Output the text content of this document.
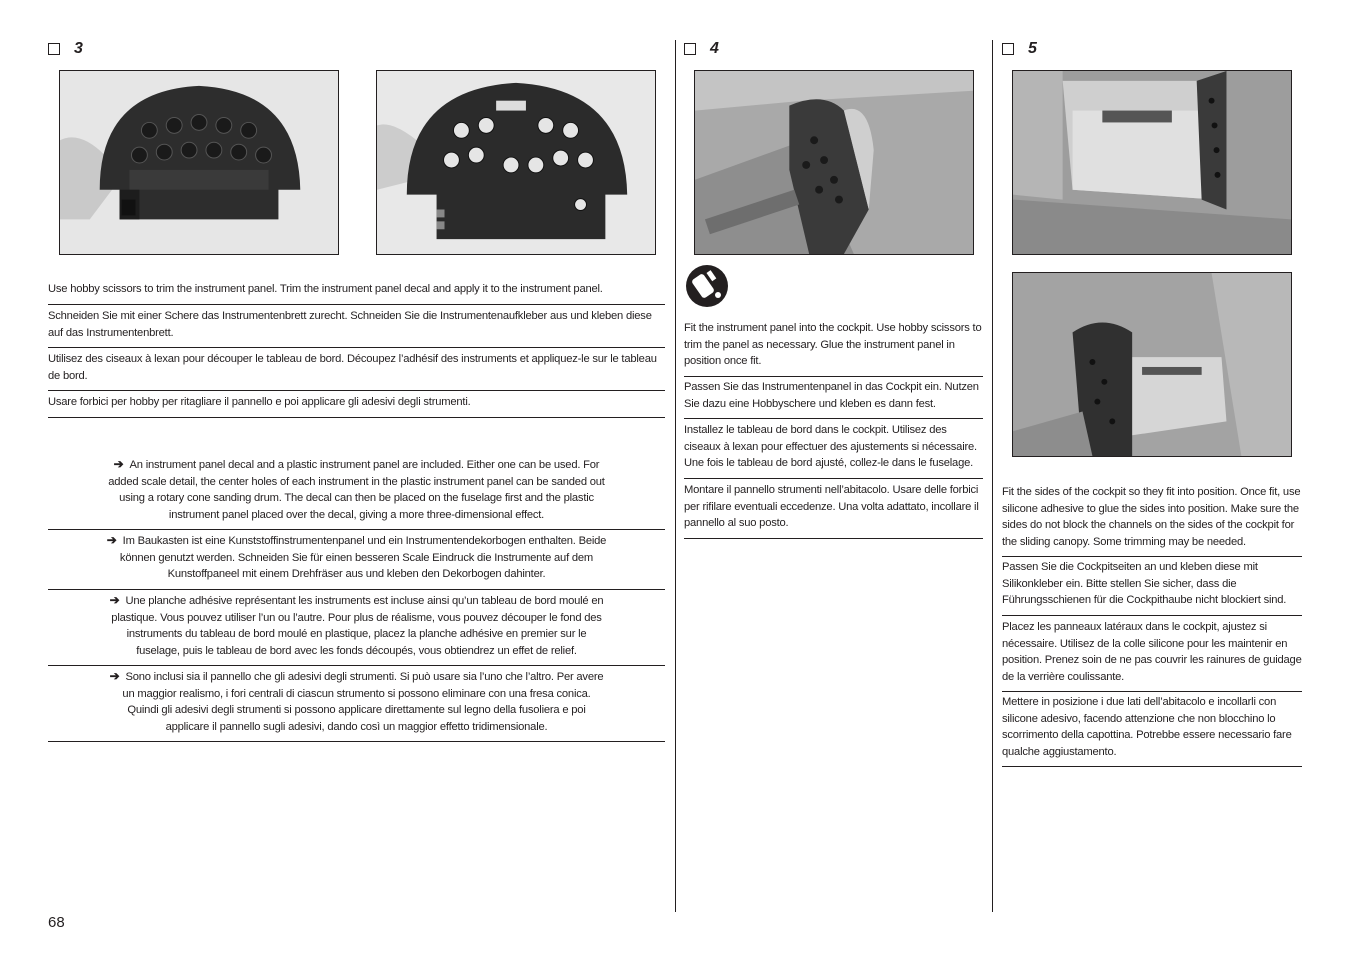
3
Use hobby scissors to trim the instrument panel. Trim the instrument panel decal and apply it to the instrument panel.
Schneiden Sie mit einer Schere das Instrumentenbrett zurecht. Schneiden Sie die Instrumentenaufkleber aus und kleben diese auf das Instrumentenbrett.
Utilisez des ciseaux à lexan pour découper le tableau de bord. Découpez l’adhésif des instruments et appliquez-le sur le tableau de bord.
Usare forbici per hobby per ritagliare il pannello e poi applicare gli adesivi degli strumenti.
➔ An instrument panel decal and a plastic instrument panel are included. Either one can be used. For added scale detail, the center holes of each instrument in the plastic instrument panel can be sanded out using a rotary cone sanding drum. The decal can then be placed on the fuselage first and the plastic instrument panel placed over the decal, giving a more three-dimensional effect.
➔ Im Baukasten ist eine Kunststoffinstrumentenpanel und ein Instrumentendekorbogen enthalten. Beide können genutzt werden. Schneiden Sie für einen besseren Scale Eindruck die Instrumente auf dem Kunstoffpaneel mit einem Drehfräser aus und kleben den Dekorbogen dahinter.
➔ Une planche adhésive représentant les instruments est incluse ainsi qu’un tableau de bord moulé en plastique. Vous pouvez utiliser l’un ou l’autre. Pour plus de réalisme, vous pouvez découper le fond des instruments du tableau de bord moulé en plastique, placez la planche adhésive en premier sur le fuselage, puis le tableau de bord avec les fonds découpés, vous obtiendrez un effet de relief.
➔ Sono inclusi sia il pannello che gli adesivi degli strumenti. Si può usare sia l’uno che l’altro. Per avere un maggior realismo, i fori centrali di ciascun strumento si possono eliminare con una fresa conica. Quindi gli adesivi degli strumenti si possono applicare direttamente sul legno della fusoliera e poi applicare il pannello sugli adesivi, dando così un maggior effetto tridimensionale.
4
Fit the instrument panel into the cockpit. Use hobby scissors to trim the panel as necessary. Glue the instrument panel in position once fit.
Passen Sie das Instrumentenpanel in das Cockpit ein. Nutzen Sie dazu eine Hobbyschere und kleben es dann fest.
Installez le tableau de bord dans le cockpit. Utilisez des ciseaux à lexan pour effectuer des ajustements si nécessaire. Une fois le tableau de bord ajusté, collez-le dans le fuselage.
Montare il pannello strumenti nell’abitacolo. Usare delle forbici per rifilare eventuali eccedenze. Una volta adattato, incollare il pannello al suo posto.
5
Fit the sides of the cockpit so they fit into position. Once fit, use silicone adhesive to glue the sides into position. Make sure the sides do not block the channels on the sides of the cockpit for the sliding canopy. Some trimming may be needed.
Passen Sie die Cockpitseiten an und kleben diese mit Silikonkleber ein. Bitte stellen Sie sicher, dass die Führungsschienen für die Cockpithaube nicht blockiert sind.
Placez les panneaux latéraux dans le cockpit, ajustez si nécessaire. Utilisez de la colle silicone pour les maintenir en position. Prenez soin de ne pas couvrir les rainures de guidage de la verrière coulissante.
Mettere in posizione i due lati dell’abitacolo e incollarli con silicone adesivo, facendo attenzione che non blocchino lo scorrimento della capottina. Potrebbe essere necessario fare qualche aggiustamento.
68
